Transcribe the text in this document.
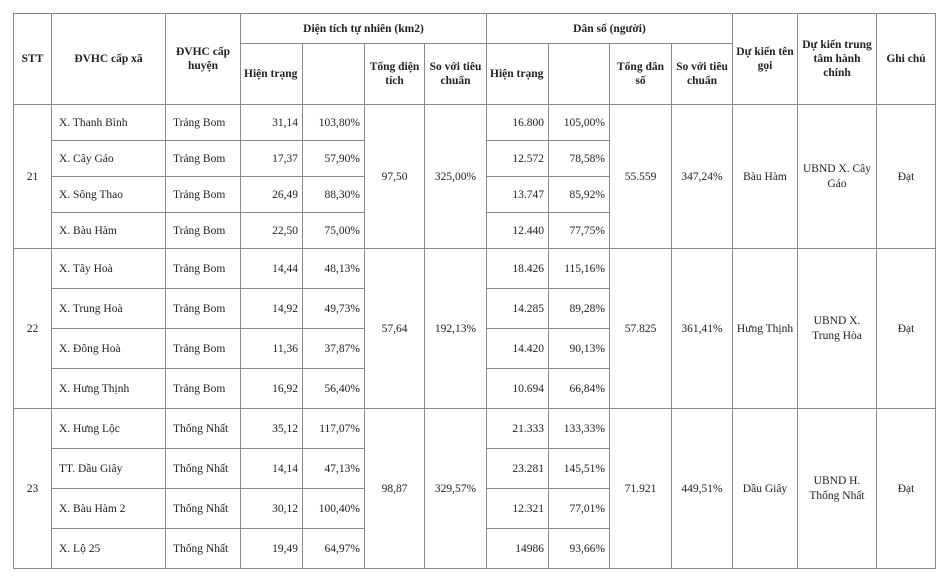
STT	ĐVHC cấp xã	ĐVHC cấp huyện	Diện tích tự nhiên (km2)				Dân số (người)				Dự kiến tên gọi	Dự kiến trung tâm hành chính	Ghi chú
			Hiện trạng		Tổng diện tích	So với tiêu chuẩn	Hiện trạng		Tổng dân số	So với tiêu chuẩn			
21	X. Thanh Bình	Trảng Bom	31,14	103,80%	97,50	325,00%	16.800	105,00%	55.559	347,24%	Bàu Hàm	UBND X. Cây Gáo	Đạt
	X. Cây Gáo	Trảng Bom	17,37	57,90%			12.572	78,58%					
	X. Sông Thao	Trảng Bom	26,49	88,30%			13.747	85,92%					
	X. Bàu Hàm	Trảng Bom	22,50	75,00%			12.440	77,75%					
22	X. Tây Hoà	Trảng Bom	14,44	48,13%	57,64	192,13%	18.426	115,16%	57.825	361,41%	Hưng Thịnh	UBND X. Trung Hòa	Đạt
	X. Trung Hoà	Trảng Bom	14,92	49,73%			14.285	89,28%					
	X. Đông Hoà	Trảng Bom	11,36	37,87%			14.420	90,13%					
	X. Hưng Thịnh	Trảng Bom	16,92	56,40%			10.694	66,84%					
23	X. Hưng Lộc	Thống Nhất	35,12	117,07%	98,87	329,57%	21.333	133,33%	71.921	449,51%	Dầu Giây	UBND H. Thống Nhất	Đạt
	TT. Dầu Giây	Thống Nhất	14,14	47,13%			23.281	145,51%					
	X. Bàu Hàm 2	Thống Nhất	30,12	100,40%			12.321	77,01%					
	X. Lộ 25	Thống Nhất	19,49	64,97%			14986	93,66%					
